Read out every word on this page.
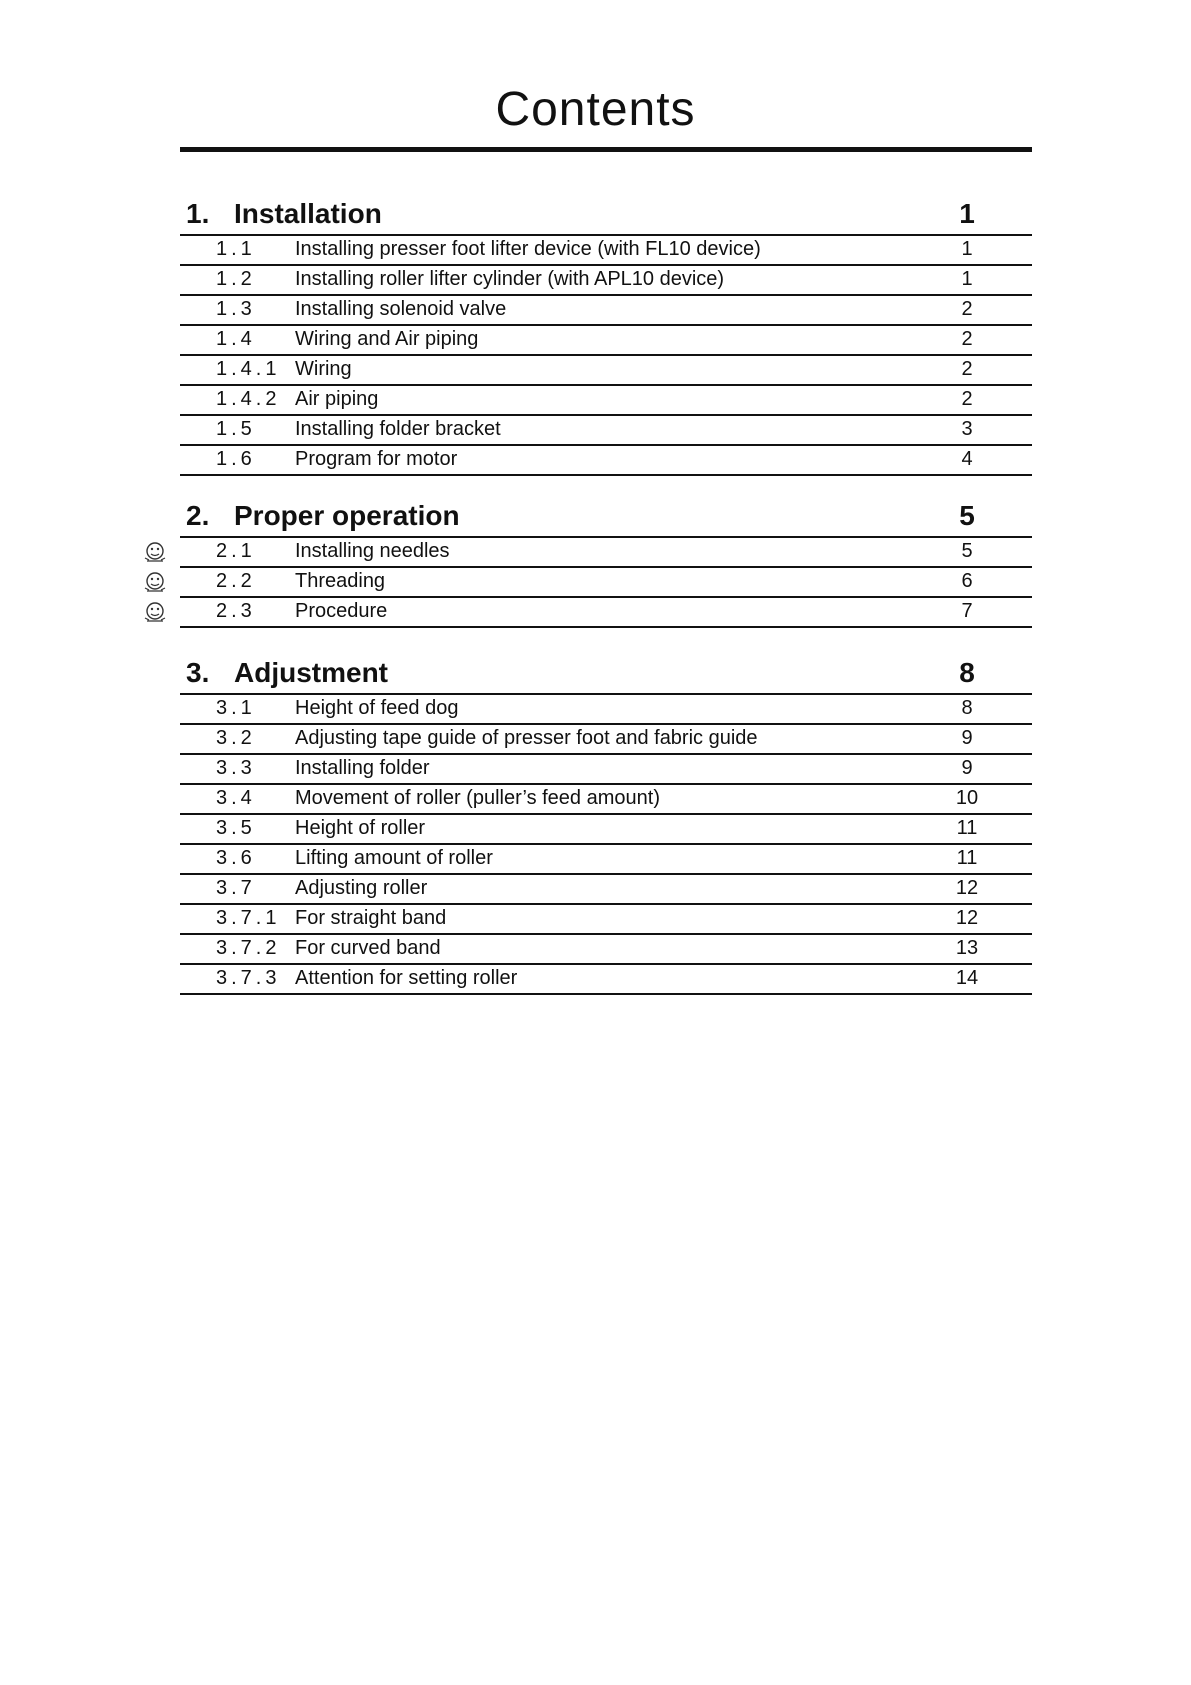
Contents
1. Installation	1
1.1 Installing presser foot lifter device (with FL10 device)	1
1.2 Installing roller lifter cylinder (with APL10 device)	1
1.3 Installing solenoid valve	2
1.4 Wiring and Air piping	2
1.4.1 Wiring	2
1.4.2 Air piping	2
1.5 Installing folder bracket	3
1.6 Program for motor	4
2. Proper operation	5
2.1 Installing needles	5
2.2 Threading	6
2.3 Procedure	7
3. Adjustment	8
3.1 Height of feed dog	8
3.2 Adjusting tape guide of presser foot and fabric guide	9
3.3 Installing folder	9
3.4 Movement of roller (puller’s feed amount)	10
3.5 Height of roller	11
3.6 Lifting amount of roller	11
3.7 Adjusting roller	12
3.7.1 For straight band	12
3.7.2 For curved band	13
3.7.3 Attention for setting roller	14
